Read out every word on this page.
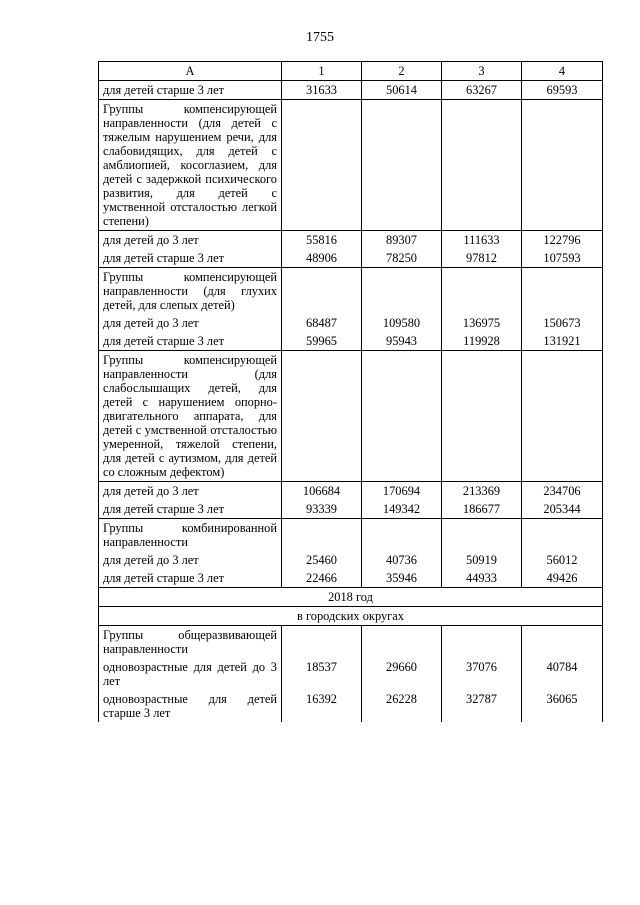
1755
А	1	2	3	4
для детей старше 3 лет	31633	50614	63267	69593
Группы компенсирующей направленности (для детей с тяжелым нарушением речи, для слабовидящих, для детей с амблиопией, косоглазием, для детей с задержкой психического развития, для детей с умственной отсталостью легкой степени)				
для детей до 3 лет	55816	89307	111633	122796
для детей старше 3 лет	48906	78250	97812	107593
Группы компенсирующей направленности (для глухих детей, для слепых детей)				
для детей до 3 лет	68487	109580	136975	150673
для детей старше 3 лет	59965	95943	119928	131921
Группы компенсирующей направленности (для слабослышащих детей, для детей с нарушением опорно-двигательного аппарата, для детей с умственной отсталостью умеренной, тяжелой степени, для детей с аутизмом, для детей со сложным дефектом)				
для детей до 3 лет	106684	170694	213369	234706
для детей старше 3 лет	93339	149342	186677	205344
Группы комбинированной направленности				
для детей до 3 лет	25460	40736	50919	56012
для детей старше 3 лет	22466	35946	44933	49426
2018 год				
в городских округах				
Группы общеразвивающей направленности				
одновозрастные для детей до 3 лет	18537	29660	37076	40784
одновозрастные для детей старше 3 лет	16392	26228	32787	36065
